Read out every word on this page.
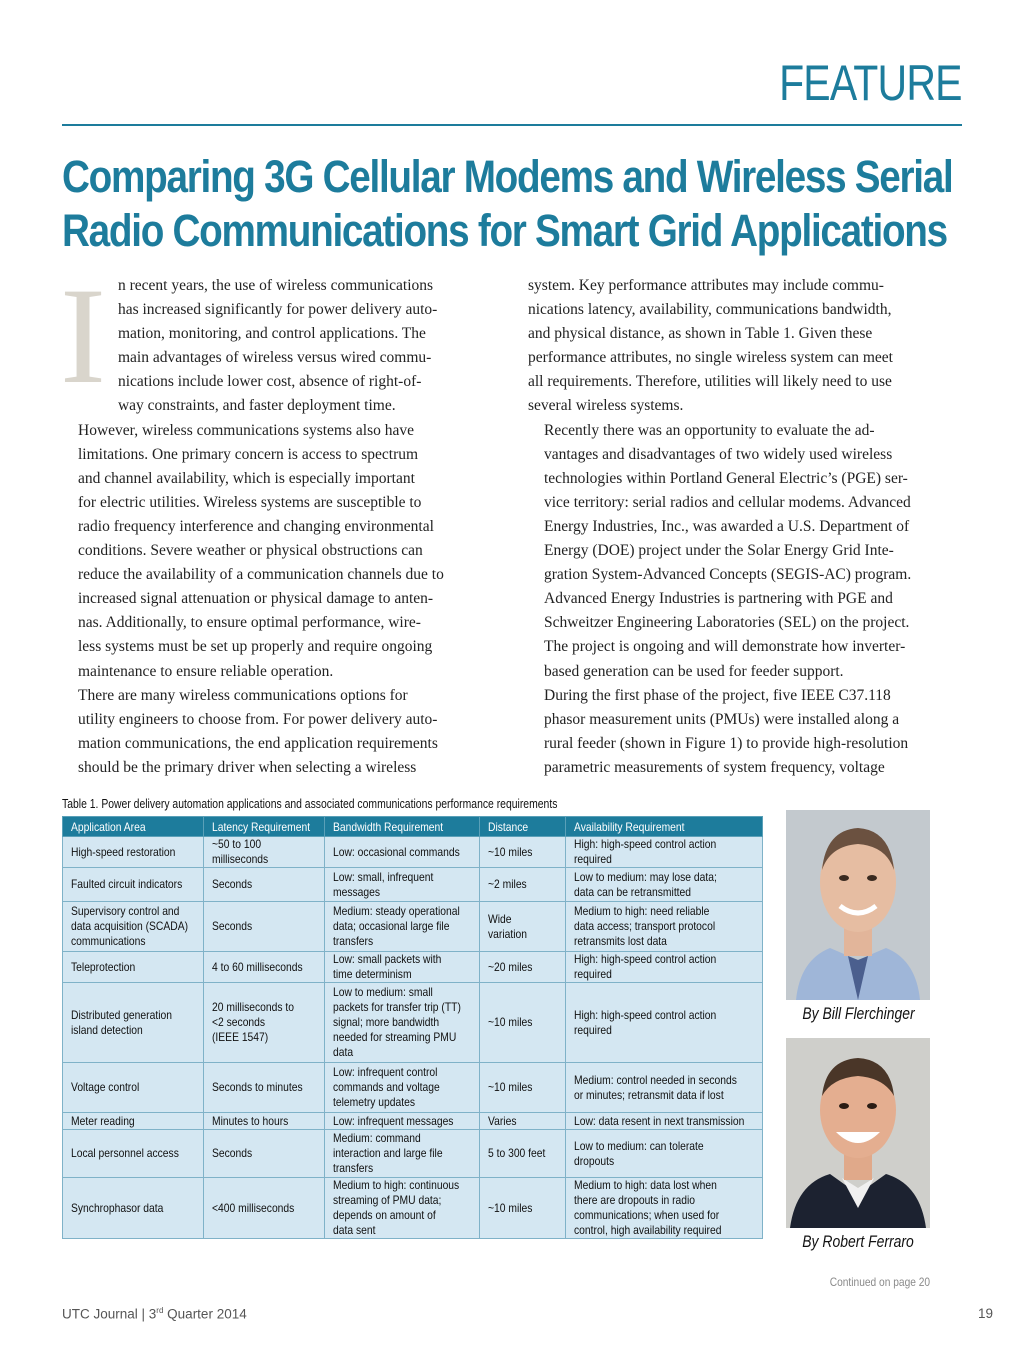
FEATURE
Comparing 3G Cellular Modems and Wireless Serial
Radio Communications for Smart Grid Applications

I n recent years, the use of wireless communications
has increased significantly for power delivery auto-
mation, monitoring, and control applications. The
main advantages of wireless versus wired commu-
nications include lower cost, absence of right-of-
way constraints, and faster deployment time.

However, wireless communications systems also have
limitations. One primary concern is access to spectrum
and channel availability, which is especially important
for electric utilities. Wireless systems are susceptible to
radio frequency interference and changing environmental
conditions. Severe weather or physical obstructions can
reduce the availability of a communication channels due to
increased signal attenuation or physical damage to anten-
nas. Additionally, to ensure optimal performance, wire-
less systems must be set up properly and require ongoing
maintenance to ensure reliable operation.

There are many wireless communications options for
utility engineers to choose from. For power delivery auto-
mation communications, the end application requirements
should be the primary driver when selecting a wireless

system. Key performance attributes may include commu-
nications latency, availability, communications bandwidth,
and physical distance, as shown in Table 1. Given these
performance attributes, no single wireless system can meet
all requirements. Therefore, utilities will likely need to use
several wireless systems.

Recently there was an opportunity to evaluate the ad-
vantages and disadvantages of two widely used wireless
technologies within Portland General Electric’s (PGE) ser-
vice territory: serial radios and cellular modems. Advanced
Energy Industries, Inc., was awarded a U.S. Department of
Energy (DOE) project under the Solar Energy Grid Inte-
gration System-Advanced Concepts (SEGIS-AC) program.
Advanced Energy Industries is partnering with PGE and
Schweitzer Engineering Laboratories (SEL) on the project.
The project is ongoing and will demonstrate how inverter-
based generation can be used for feeder support.

During the first phase of the project, five IEEE C37.118
phasor measurement units (PMUs) were installed along a
rural feeder (shown in Figure 1) to provide high-resolution
parametric measurements of system frequency, voltage

Table 1. Power delivery automation applications and associated communications performance requirements
Application Area	Latency Requirement	Bandwidth Requirement	Distance	Availability Requirement
High-speed restoration	~50 to 100
milliseconds	Low: occasional commands	~10 miles	High: high-speed control action
required
Faulted circuit indicators	Seconds	Low: small, infrequent
messages	~2 miles	Low to medium: may lose data;
data can be retransmitted
Supervisory control and
data acquisition (SCADA)
communications	Seconds	Medium: steady operational
data; occasional large file
transfers	Wide
variation	Medium to high: need reliable
data access; transport protocol
retransmits lost data
Teleprotection	4 to 60 milliseconds	Low: small packets with
time determinism	~20 miles	High: high-speed control action
required
Distributed generation
island detection	20 milliseconds to
<2 seconds
(IEEE 1547)	Low to medium: small
packets for transfer trip (TT)
signal; more bandwidth
needed for streaming PMU
data	~10 miles	High: high-speed control action
required
Voltage control	Seconds to minutes	Low: infrequent control
commands and voltage
telemetry updates	~10 miles	Medium: control needed in seconds
or minutes; retransmit data if lost
Meter reading	Minutes to hours	Low: infrequent messages	Varies	Low: data resent in next transmission
Local personnel access	Seconds	Medium: command
interaction and large file
transfers	5 to 300 feet	Low to medium: can tolerate
dropouts
Synchrophasor data	<400 milliseconds	Medium to high: continuous
streaming of PMU data;
depends on amount of
data sent	~10 miles	Medium to high: data lost when
there are dropouts in radio
communications; when used for
control, high availability required
By Bill Flerchinger
By Robert Ferraro
Continued on page 20
UTC Journal | 3rd Quarter 2014	19
